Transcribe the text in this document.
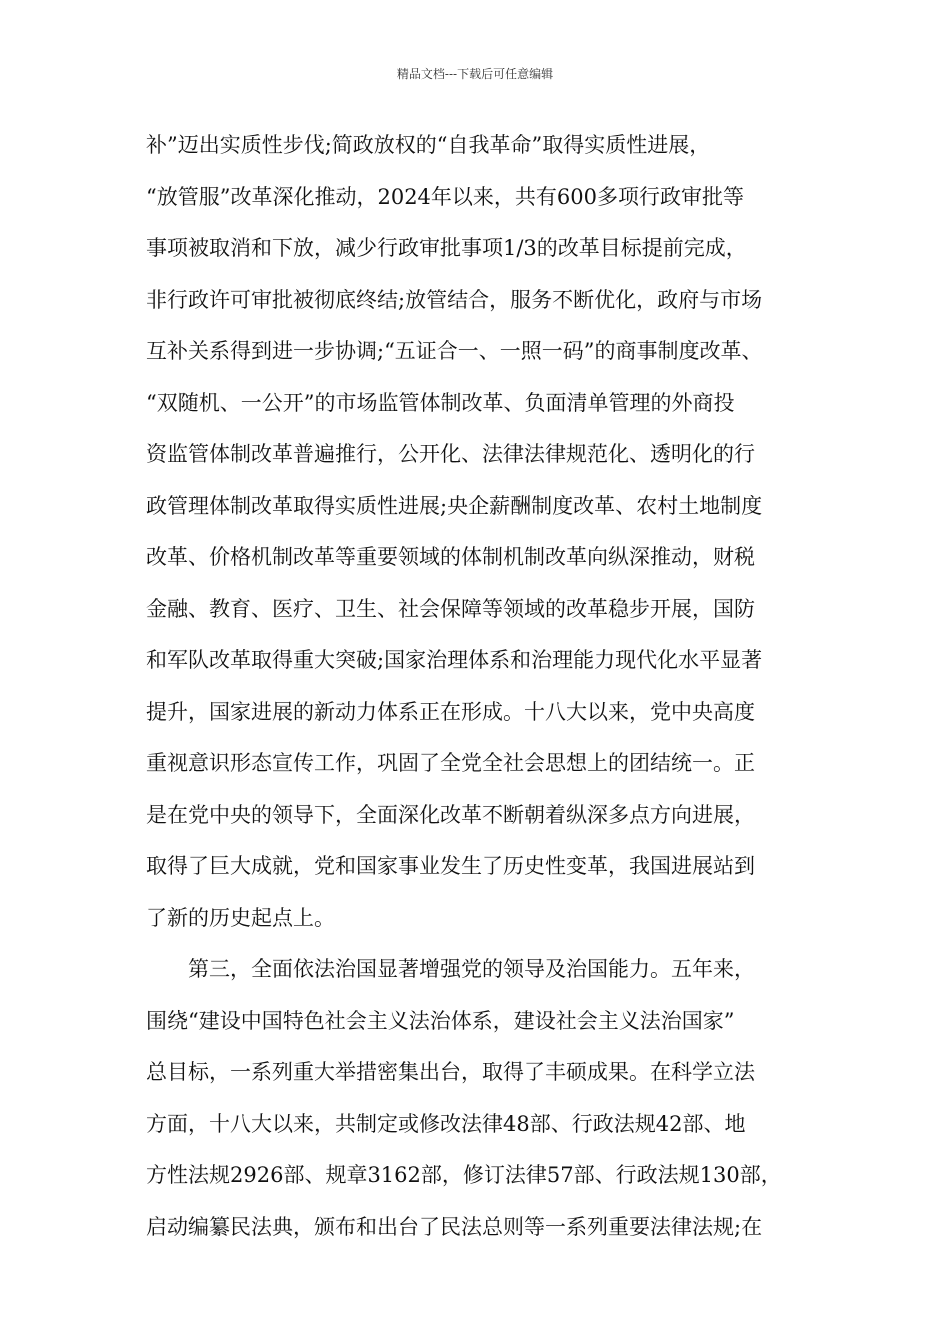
精品文档---下载后可任意编辑
补”迈出实质性步伐;简政放权的“自我革命”取得实质性进展，
“放管服”改革深化推动，2024年以来，共有600多项行政审批等
事项被取消和下放，减少行政审批事项1/3的改革目标提前完成，
非行政许可审批被彻底终结;放管结合，服务不断优化，政府与市场
互补关系得到进一步协调;“五证合一、一照一码”的商事制度改革、
“双随机、一公开”的市场监管体制改革、负面清单管理的外商投
资监管体制改革普遍推行，公开化、法律法律规范化、透明化的行
政管理体制改革取得实质性进展;央企薪酬制度改革、农村土地制度
改革、价格机制改革等重要领域的体制机制改革向纵深推动，财税
金融、教育、医疗、卫生、社会保障等领域的改革稳步开展，国防
和军队改革取得重大突破;国家治理体系和治理能力现代化水平显著
提升，国家进展的新动力体系正在形成。十八大以来，党中央高度
重视意识形态宣传工作，巩固了全党全社会思想上的团结统一。正
是在党中央的领导下，全面深化改革不断朝着纵深多点方向进展，
取得了巨大成就，党和国家事业发生了历史性变革，我国进展站到
了新的历史起点上。
第三，全面依法治国显著增强党的领导及治国能力。五年来，
围绕“建设中国特色社会主义法治体系，建设社会主义法治国家”
总目标，一系列重大举措密集出台，取得了丰硕成果。在科学立法
方面，十八大以来，共制定或修改法律48部、行政法规42部、地
方性法规2926部、规章3162部，修订法律57部、行政法规130部，
启动编纂民法典，颁布和出台了民法总则等一系列重要法律法规;在
